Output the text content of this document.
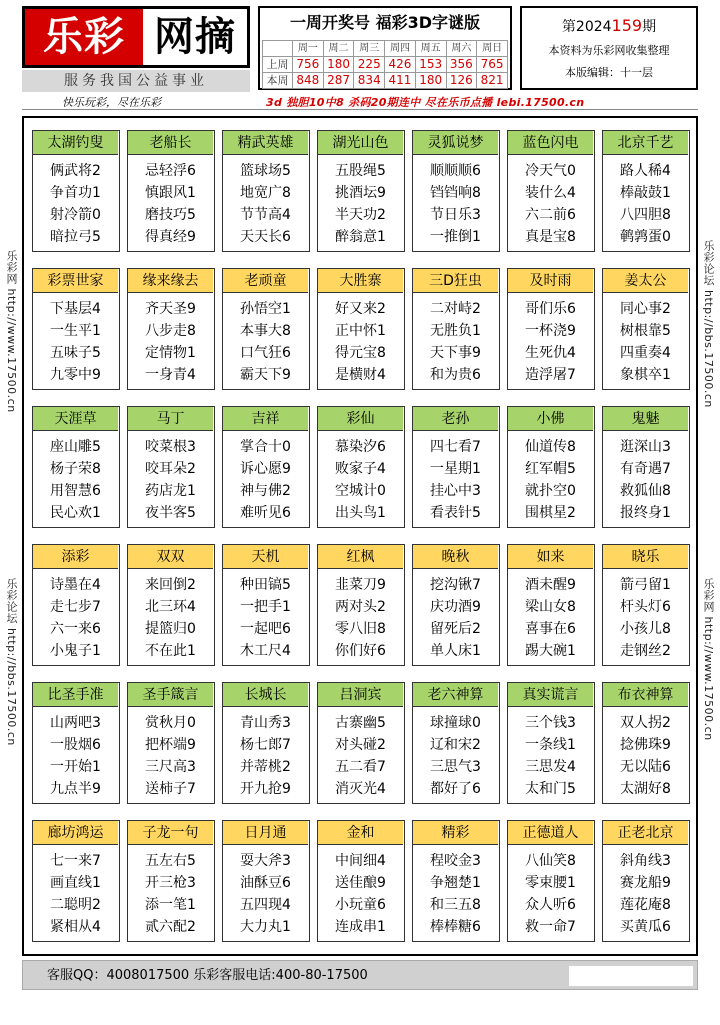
乐彩 网摘
服务我国公益事业
一周开奖号 福彩3D字谜版
	周一	周二	周三	周四	周五	周六	周日
上周	756	180	225	426	153	356	765
本周	848	287	834	411	180	126	821
第2024159期
本资料为乐彩网收集整理
本版编辑：十一层
快乐玩彩，尽在乐彩	3d 独胆10中8 杀码20期连中 尽在乐币点播 lebi.17500.cn
乐彩网 http://www.17500.cn
乐彩论坛 http://bbs.17500.cn
乐彩论坛 http://bbs.17500.cn
乐彩网 http://www.17500.cn
太湖钓叟
俩武将2
争首功1
射冷箭0
暗拉弓5
老船长
忌轻浮6
慎跟风1
磨技巧5
得真经9
精武英雄
篮球场5
地宽广8
节节高4
天天长6
湖光山色
五股绳5
挑酒坛9
半天功2
醉翁意1
灵狐说梦
顺顺顺6
铛铛响8
节日乐3
一推倒1
蓝色闪电
冷天气0
装什么4
六二前6
真是宝8
北京千艺
路人稀4
棒敲鼓1
八四胆8
鹌鹑蛋0
彩票世家
下基层4
一生平1
五味子5
九零中9
缘来缘去
齐天圣9
八步走8
定情物1
一身青4
老顽童
孙悟空1
本事大8
口气狂6
霸天下9
大胜寨
好又来2
正中怀1
得元宝8
是横财4
三D狂虫
二对峙2
无胜负1
天下事9
和为贵6
及时雨
哥们乐6
一杯浇9
生死仇4
造浮屠7
姜太公
同心事2
树根靠5
四重奏4
象棋卒1
天涯草
座山雕5
杨子荣8
用智慧6
民心欢1
马丁
咬菜根3
咬耳朵2
药店龙1
夜半客5
吉祥
掌合十0
诉心愿9
神与佛2
难听见6
彩仙
慕染汐6
败家子4
空城计0
出头鸟1
老孙
四七看7
一星期1
挂心中3
看表针5
小佛
仙道传8
红军帽5
就扑空0
围棋星2
鬼魅
逛深山3
有奇遇7
救狐仙8
报终身1
添彩
诗墨在4
走七步7
六一来6
小鬼子1
双双
来回倒2
北三环4
提篮归0
不在此1
天机
种田镐5
一把手1
一起吧6
木工尺4
红枫
韭菜刀9
两对头2
零八旧8
你们好6
晚秋
挖沟锹7
庆功酒9
留死后2
单人床1
如来
酒未醒9
梁山女8
喜事在6
踢大碗1
晓乐
箭弓留1
杆头灯6
小孩儿8
走钢丝2
比圣手准
山两吧3
一股烟6
一开始1
九点半9
圣手箴言
赏秋月0
把杯端9
三尺高3
送柿子7
长城长
青山秀3
杨七郎7
并蒂桃2
开九抢9
吕洞宾
古寨幽5
对头碰2
五二看7
消灭光4
老六神算
球撞球0
辽和宋2
三思气3
都好了6
真实谎言
三个钱3
一条线1
三思发4
太和门5
布衣神算
双人拐2
捻佛珠9
无以陆6
太湖好8
廊坊鸿运
七一来7
画直线1
二聪明2
紧相从4
子龙一句
五左右5
开三枪3
添一笔1
贰六配2
日月通
耍大斧3
油酥豆6
五四现4
大力丸1
金和
中间细4
送佳酿9
小玩童6
连成串1
精彩
程咬金3
争翘楚1
和三五8
棒棒糖6
正德道人
八仙笑8
零束腰1
众人听6
救一命7
正老北京
斜角线3
赛龙船9
莲花庵8
买黄瓜6
客服QQ：4008017500 乐彩客服电话:400-80-17500
